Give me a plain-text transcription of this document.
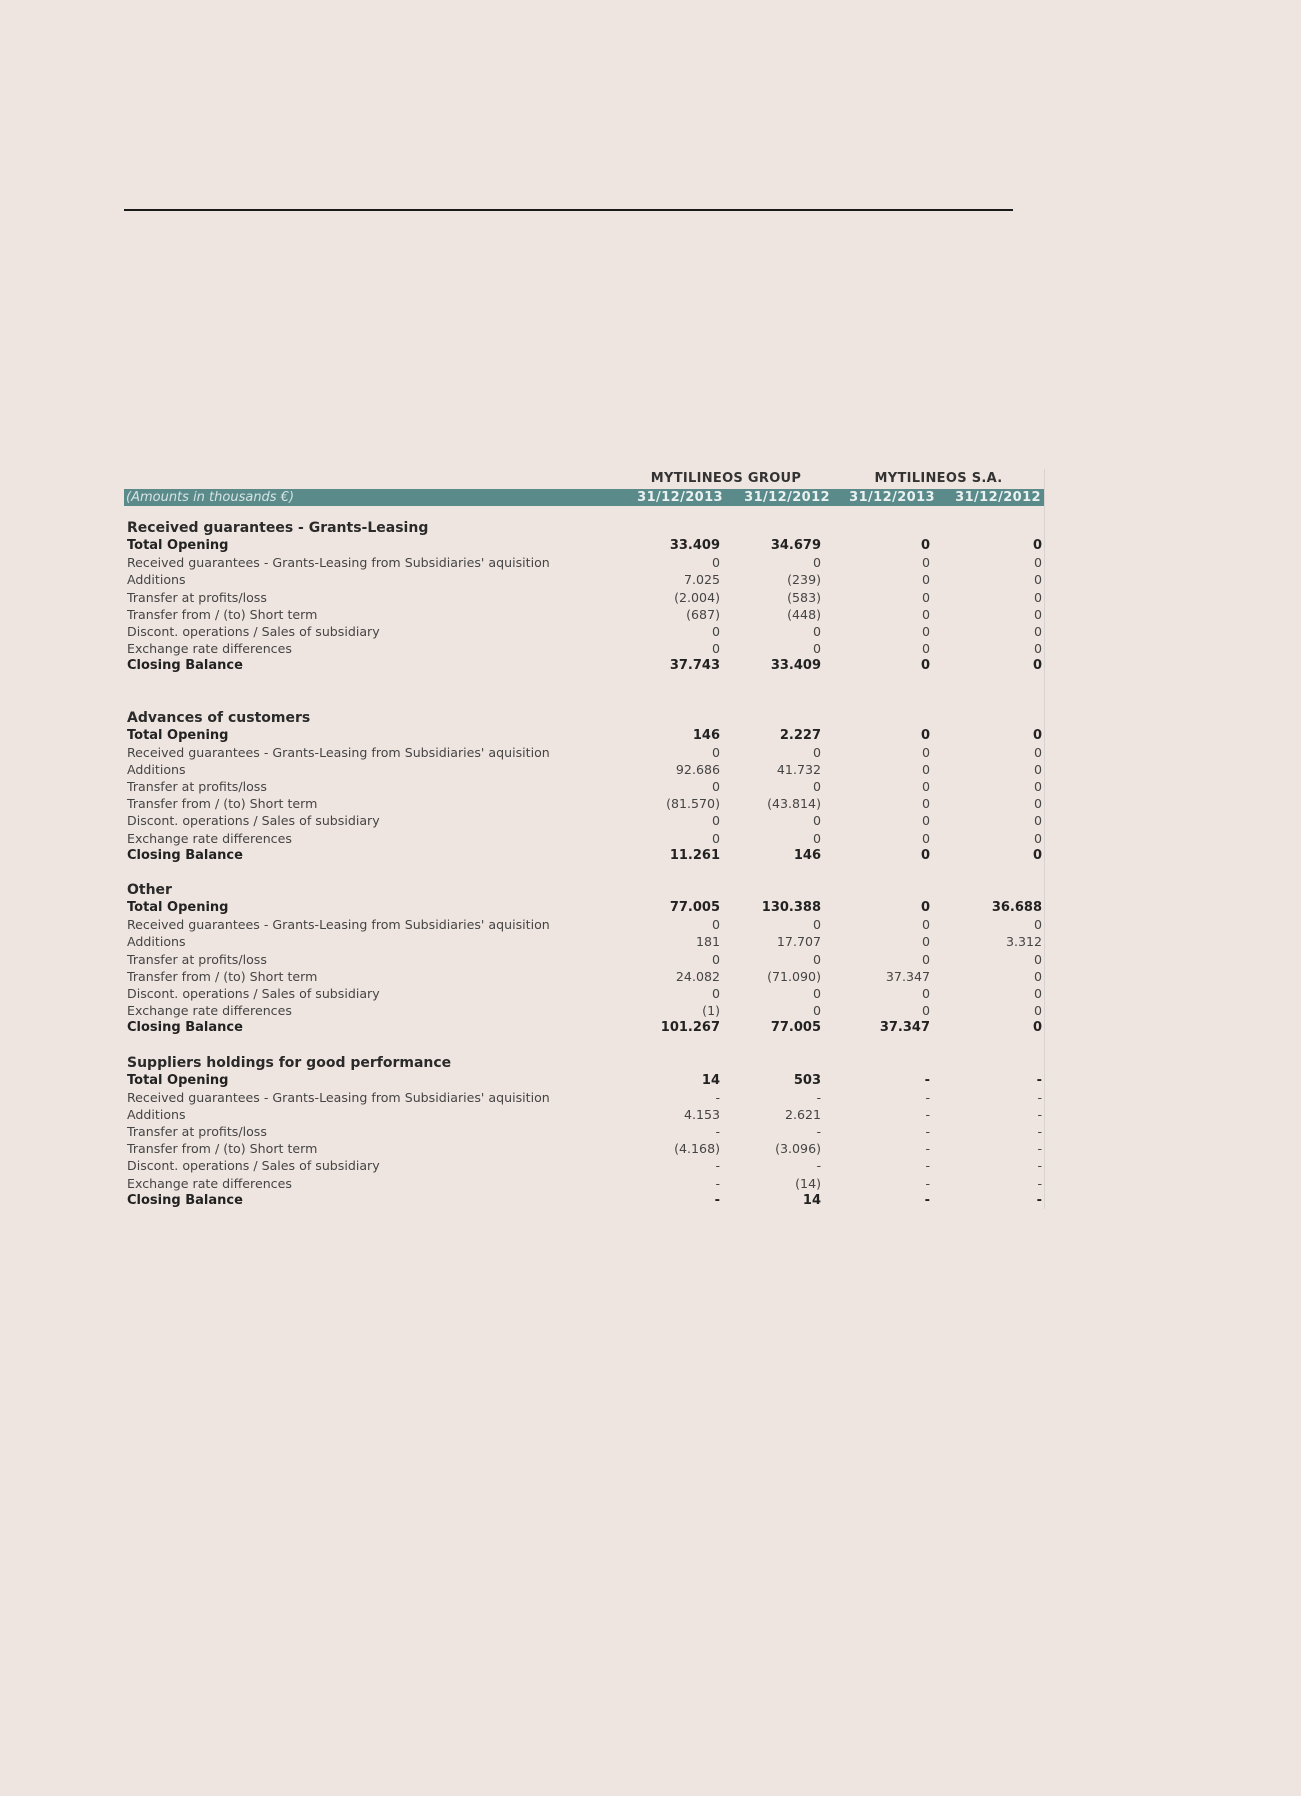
MYTILINEOS GROUP	MYTILINEOS S.A.
(Amounts in thousands €)	31/12/2013	31/12/2012	31/12/2013	31/12/2012
Received guarantees - Grants-Leasing
Total Opening	33.409	34.679	0	0
Received guarantees - Grants-Leasing from Subsidiaries' aquisition	0	0	0	0
Additions	7.025	(239)	0	0
Transfer at profits/loss	(2.004)	(583)	0	0
Transfer from / (to) Short term	(687)	(448)	0	0
Discont. operations / Sales of subsidiary	0	0	0	0
Exchange rate differences	0	0	0	0
Closing Balance	37.743	33.409	0	0
Advances of customers
Total Opening	146	2.227	0	0
Received guarantees - Grants-Leasing from Subsidiaries' aquisition	0	0	0	0
Additions	92.686	41.732	0	0
Transfer at profits/loss	0	0	0	0
Transfer from / (to) Short term	(81.570)	(43.814)	0	0
Discont. operations / Sales of subsidiary	0	0	0	0
Exchange rate differences	0	0	0	0
Closing Balance	11.261	146	0	0
Other
Total Opening	77.005	130.388	0	36.688
Received guarantees - Grants-Leasing from Subsidiaries' aquisition	0	0	0	0
Additions	181	17.707	0	3.312
Transfer at profits/loss	0	0	0	0
Transfer from / (to) Short term	24.082	(71.090)	37.347	0
Discont. operations / Sales of subsidiary	0	0	0	0
Exchange rate differences	(1)	0	0	0
Closing Balance	101.267	77.005	37.347	0
Suppliers holdings for good performance
Total Opening	14	503	-	-
Received guarantees - Grants-Leasing from Subsidiaries' aquisition	-	-	-	-
Additions	4.153	2.621	-	-
Transfer at profits/loss	-	-	-	-
Transfer from / (to) Short term	(4.168)	(3.096)	-	-
Discont. operations / Sales of subsidiary	-	-	-	-
Exchange rate differences	-	(14)	-	-
Closing Balance	-	14	-	-
